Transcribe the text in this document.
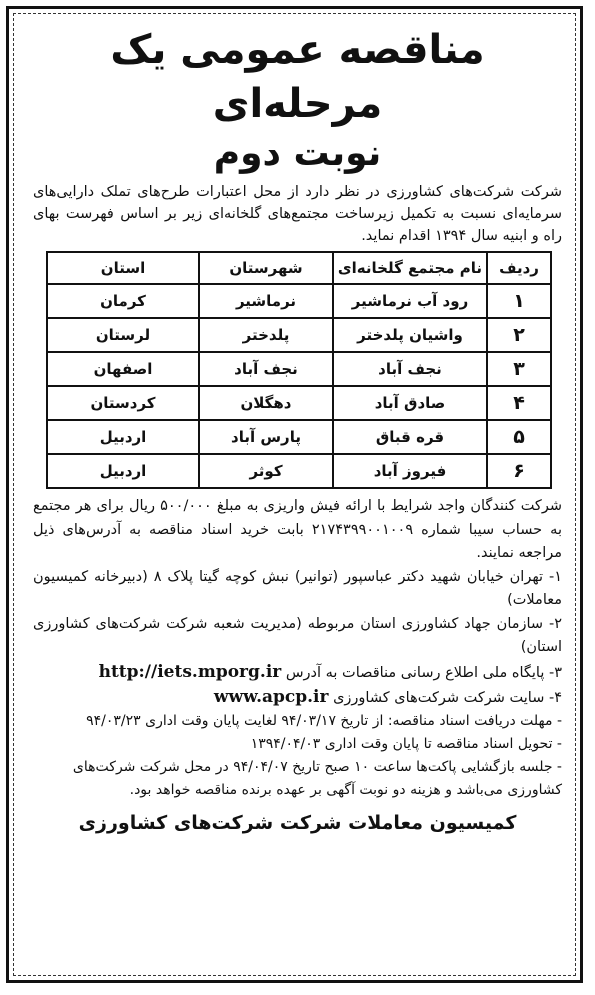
مناقصه عمومی یک مرحله‌ای
نوبت دوم

شرکت شرکت‌های کشاورزی در نظر دارد از محل اعتبارات طرح‌های تملک دارایی‌های سرمایه‌ای نسبت به تکمیل زیرساخت مجتمع‌های گلخانه‌ای زیر بر اساس فهرست بهای راه و ابنیه سال ۱۳۹۴ اقدام نماید.

ردیف	نام مجتمع گلخانه‌ای	شهرستان	استان
۱	رود آب نرماشیر	نرماشیر	کرمان
۲	واشیان پلدختر	پلدختر	لرستان
۳	نجف آباد	نجف آباد	اصفهان
۴	صادق آباد	دهگلان	کردستان
۵	قره قباق	پارس آباد	اردبیل
۶	فیروز آباد	کوثر	اردبیل

شرکت کنندگان واجد شرایط با ارائه فیش واریزی به مبلغ ۵۰۰/۰۰۰ ریال برای هر مجتمع به حساب سیبا شماره ۲۱۷۴۳۹۹۰۰۱۰۰۹ بابت خرید اسناد مناقصه به آدرس‌های ذیل مراجعه نمایند.

۱- تهران خیابان شهید دکتر عباسپور (توانیر) نبش کوچه گیتا پلاک ۸ (دبیرخانه کمیسیون معاملات)

۲- سازمان جهاد کشاورزی استان مربوطه (مدیریت شعبه شرکت شرکت‌های کشاورزی استان)

۳- پایگاه ملی اطلاع رسانی مناقصات به آدرس http://iets.mporg.ir

۴- سایت شرکت شرکت‌های کشاورزی www.apcp.ir

- مهلت دریافت اسناد مناقصه: از تاریخ ۹۴/۰۳/۱۷ لغایت پایان وقت اداری ۹۴/۰۳/۲۳

- تحویل اسناد مناقصه تا پایان وقت اداری ۱۳۹۴/۰۴/۰۳

- جلسه بازگشایی پاکت‌ها ساعت ۱۰ صبح تاریخ ۹۴/۰۴/۰۷ در محل شرکت شرکت‌های کشاورزی می‌باشد و هزینه دو نوبت آگهی بر عهده برنده مناقصه خواهد بود.

کمیسیون معاملات شرکت شرکت‌های کشاورزی
